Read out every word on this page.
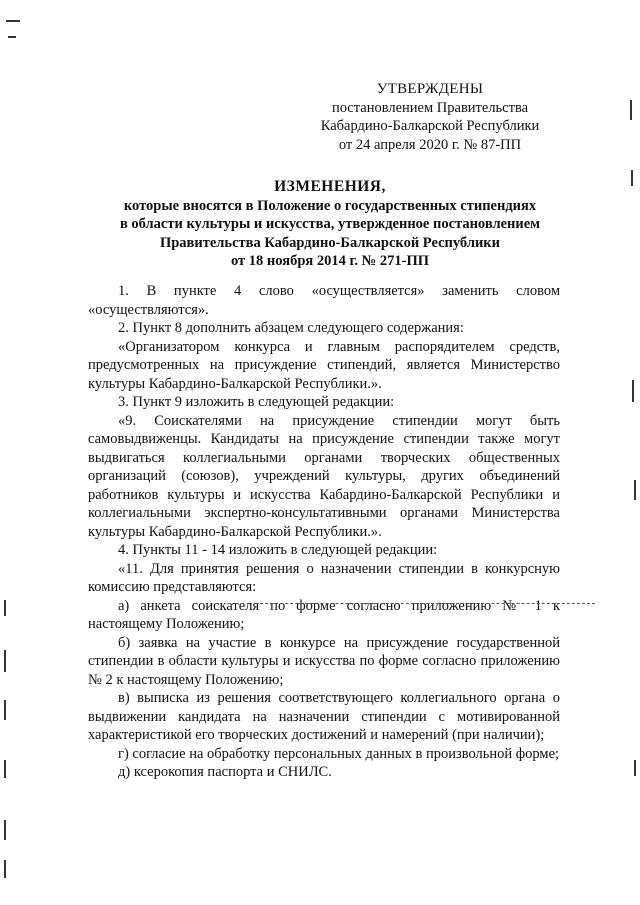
УТВЕРЖДЕНЫ
постановлением Правительства
Кабардино-Балкарской Республики
от 24 апреля 2020 г. № 87-ПП
ИЗМЕНЕНИЯ,
которые вносятся в Положение о государственных стипендиях
в области культуры и искусства, утвержденное постановлением
Правительства Кабардино-Балкарской Республики
от 18 ноября 2014 г. № 271-ПП

1. В пункте 4 слово «осуществляется» заменить словом «осуществляются».

2. Пункт 8 дополнить абзацем следующего содержания:

«Организатором конкурса и главным распорядителем средств, предусмотренных на присуждение стипендий, является Министерство культуры Кабардино-Балкарской Республики.».

3. Пункт 9 изложить в следующей редакции:

«9. Соискателями на присуждение стипендии могут быть самовыдвиженцы. Кандидаты на присуждение стипендии также могут выдвигаться коллегиальными органами творческих общественных организаций (союзов), учреждений культуры, других объединений работников культуры и искусства Кабардино-Балкарской Республики и коллегиальными экспертно-консультативными органами Министерства культуры Кабардино-Балкарской Республики.».

4. Пункты 11 - 14 изложить в следующей редакции:

«11. Для принятия решения о назначении стипендии в конкурсную комиссию представляются:

а) анкета соискателя по форме согласно приложению № 1 к настоящему Положению;

б) заявка на участие в конкурсе на присуждение государственной стипендии в области культуры и искусства по форме согласно приложению № 2 к настоящему Положению;

в) выписка из решения соответствующего коллегиального органа о выдвижении кандидата на назначении стипендии с мотивированной характеристикой его творческих достижений и намерений (при наличии);

г) согласие на обработку персональных данных в произвольной форме;

д) ксерокопия паспорта и СНИЛС.
